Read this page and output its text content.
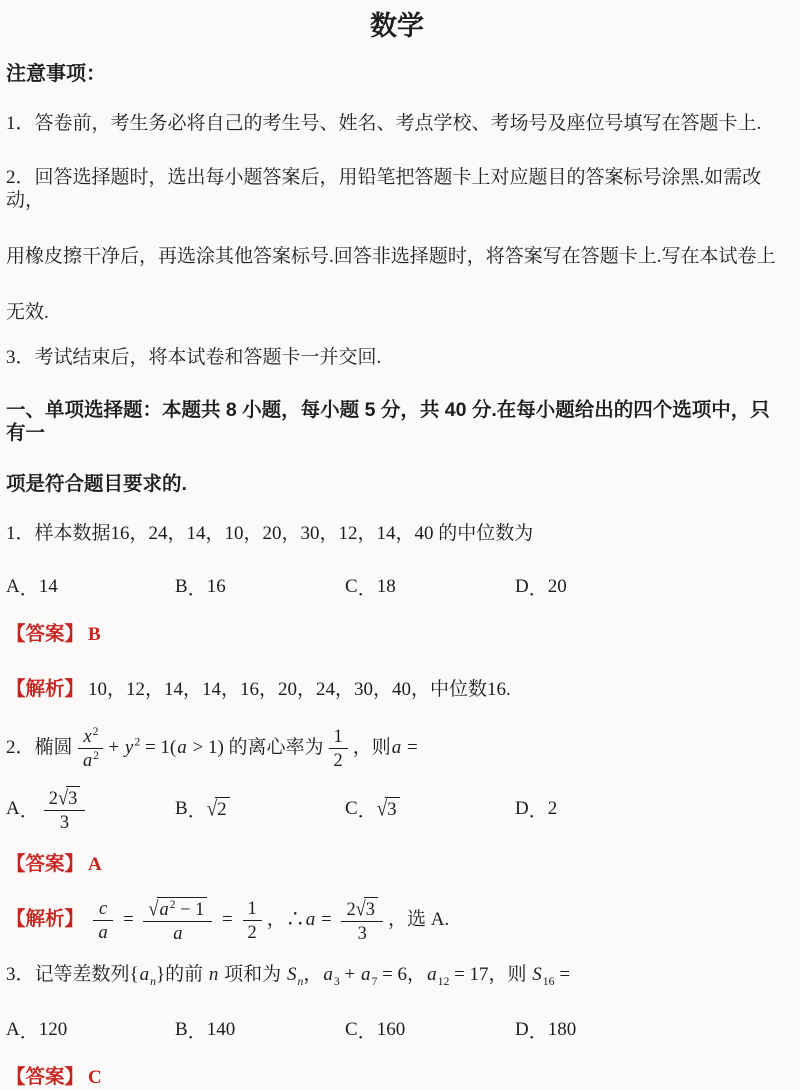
数学
注意事项：
1．答卷前，考生务必将自己的考生号、姓名、考点学校、考场号及座位号填写在答题卡上.
2．回答选择题时，选出每小题答案后，用铅笔把答题卡上对应题目的答案标号涂黑.如需改动，
用橡皮擦干净后，再选涂其他答案标号.回答非选择题时，将答案写在答题卡上.写在本试卷上
无效.
3．考试结束后，将本试卷和答题卡一并交回.
一、单项选择题：本题共 8 小题，每小题 5 分，共 40 分.在每小题给出的四个选项中，只有一
项是符合题目要求的.
1．样本数据16，24，14，10，20，30，12，14，40 的中位数为
A ． 14	B ． 16	C ． 18	D ． 20
【答案】 B
【解析】 10，12，14，14，16，20，24，30，40，中位数16.
2．椭圆 $\frac{x^2}{a^2} + y^2 = 1(a > 1)$ 的离心率为 $\frac{1}{2}$ ，则a =
A ． $\frac{2√3}{3}$	B ． √2	C ． √3	D ． 2
【答案】 A
【解析】 $\frac{c}{a} = \frac{√a^2 - 1}{a} = \frac{1}{2}$ ，∴a = $\frac{2√3}{3}$ ，选 A.
3．记等差数列$\{a_n\}$的前 n 项和为 $S_n$，$a_3 + a_7 = 6$，$a_{12} = 17$，则 $S_{16}$ =
A ． 120	B ． 140	C ． 160	D ． 180
【答案】 C
